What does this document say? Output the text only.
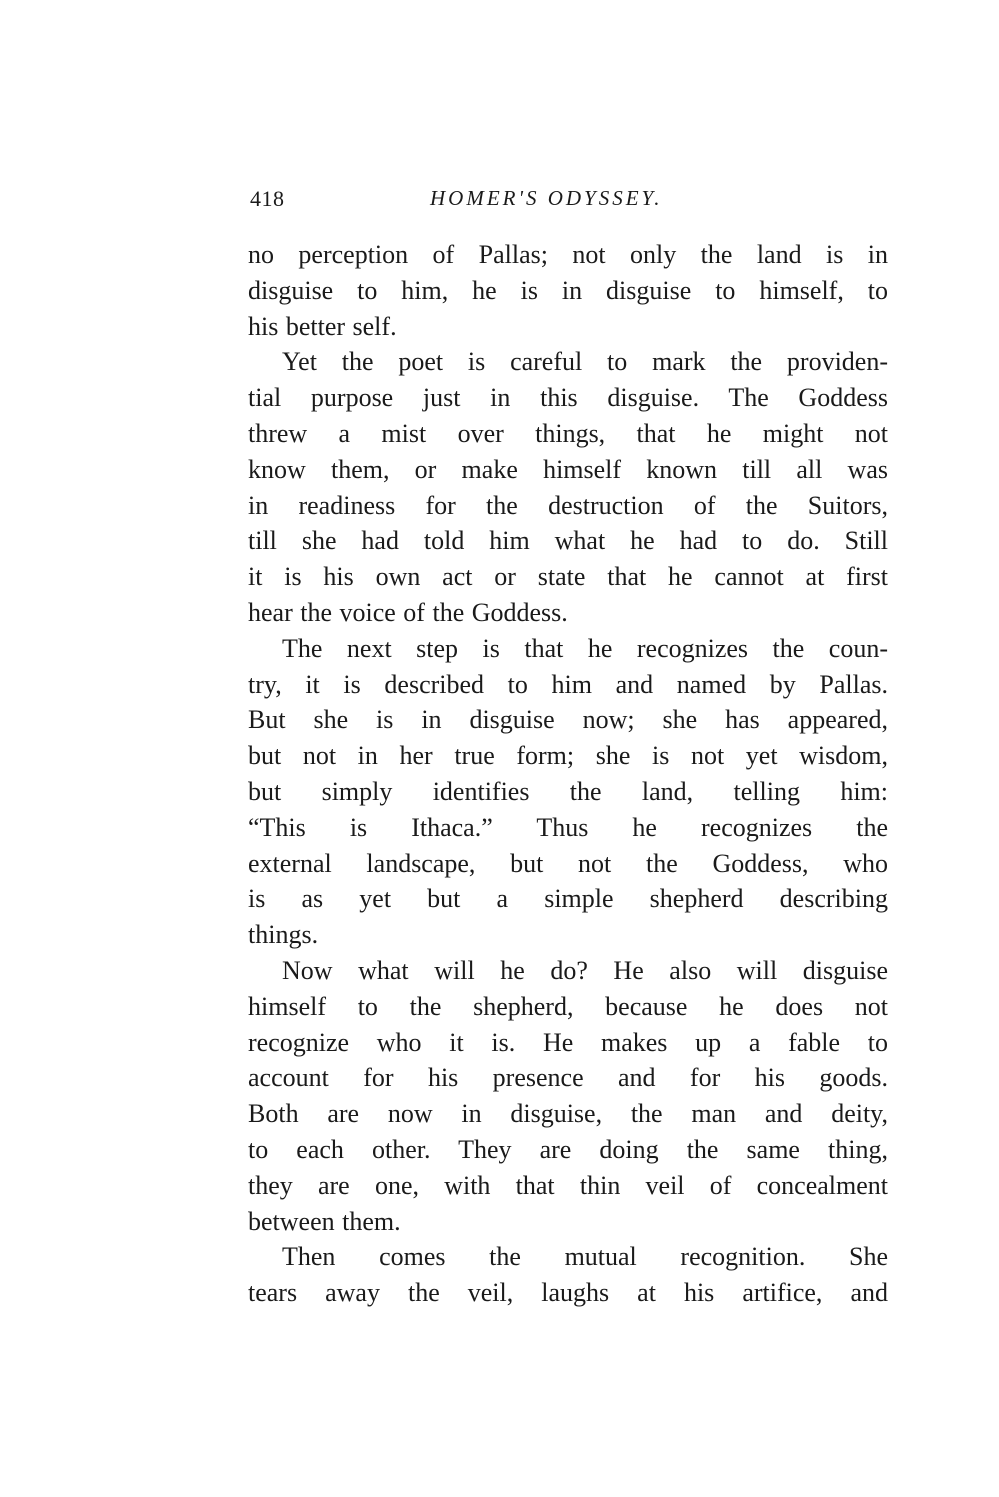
418	HOMER'S ODYSSEY.

no perception of Pallas; not only the land is in
disguise to him, he is in disguise to himself, to
his better self.

Yet the poet is careful to mark the providen-
tial purpose just in this disguise. The Goddess
threw a mist over things, that he might not
know them, or make himself known till all was
in readiness for the destruction of the Suitors,
till she had told him what he had to do. Still
it is his own act or state that he cannot at first
hear the voice of the Goddess.

The next step is that he recognizes the coun-
try, it is described to him and named by Pallas.
But she is in disguise now; she has appeared,
but not in her true form; she is not yet wisdom,
but simply identifies the land, telling him:
“This is Ithaca.” Thus he recognizes the
external landscape, but not the Goddess, who
is as yet but a simple shepherd describing
things.

Now what will he do? He also will disguise
himself to the shepherd, because he does not
recognize who it is. He makes up a fable to
account for his presence and for his goods.
Both are now in disguise, the man and deity,
to each other. They are doing the same thing,
they are one, with that thin veil of concealment
between them.

Then comes the mutual recognition. She
tears away the veil, laughs at his artifice, and
